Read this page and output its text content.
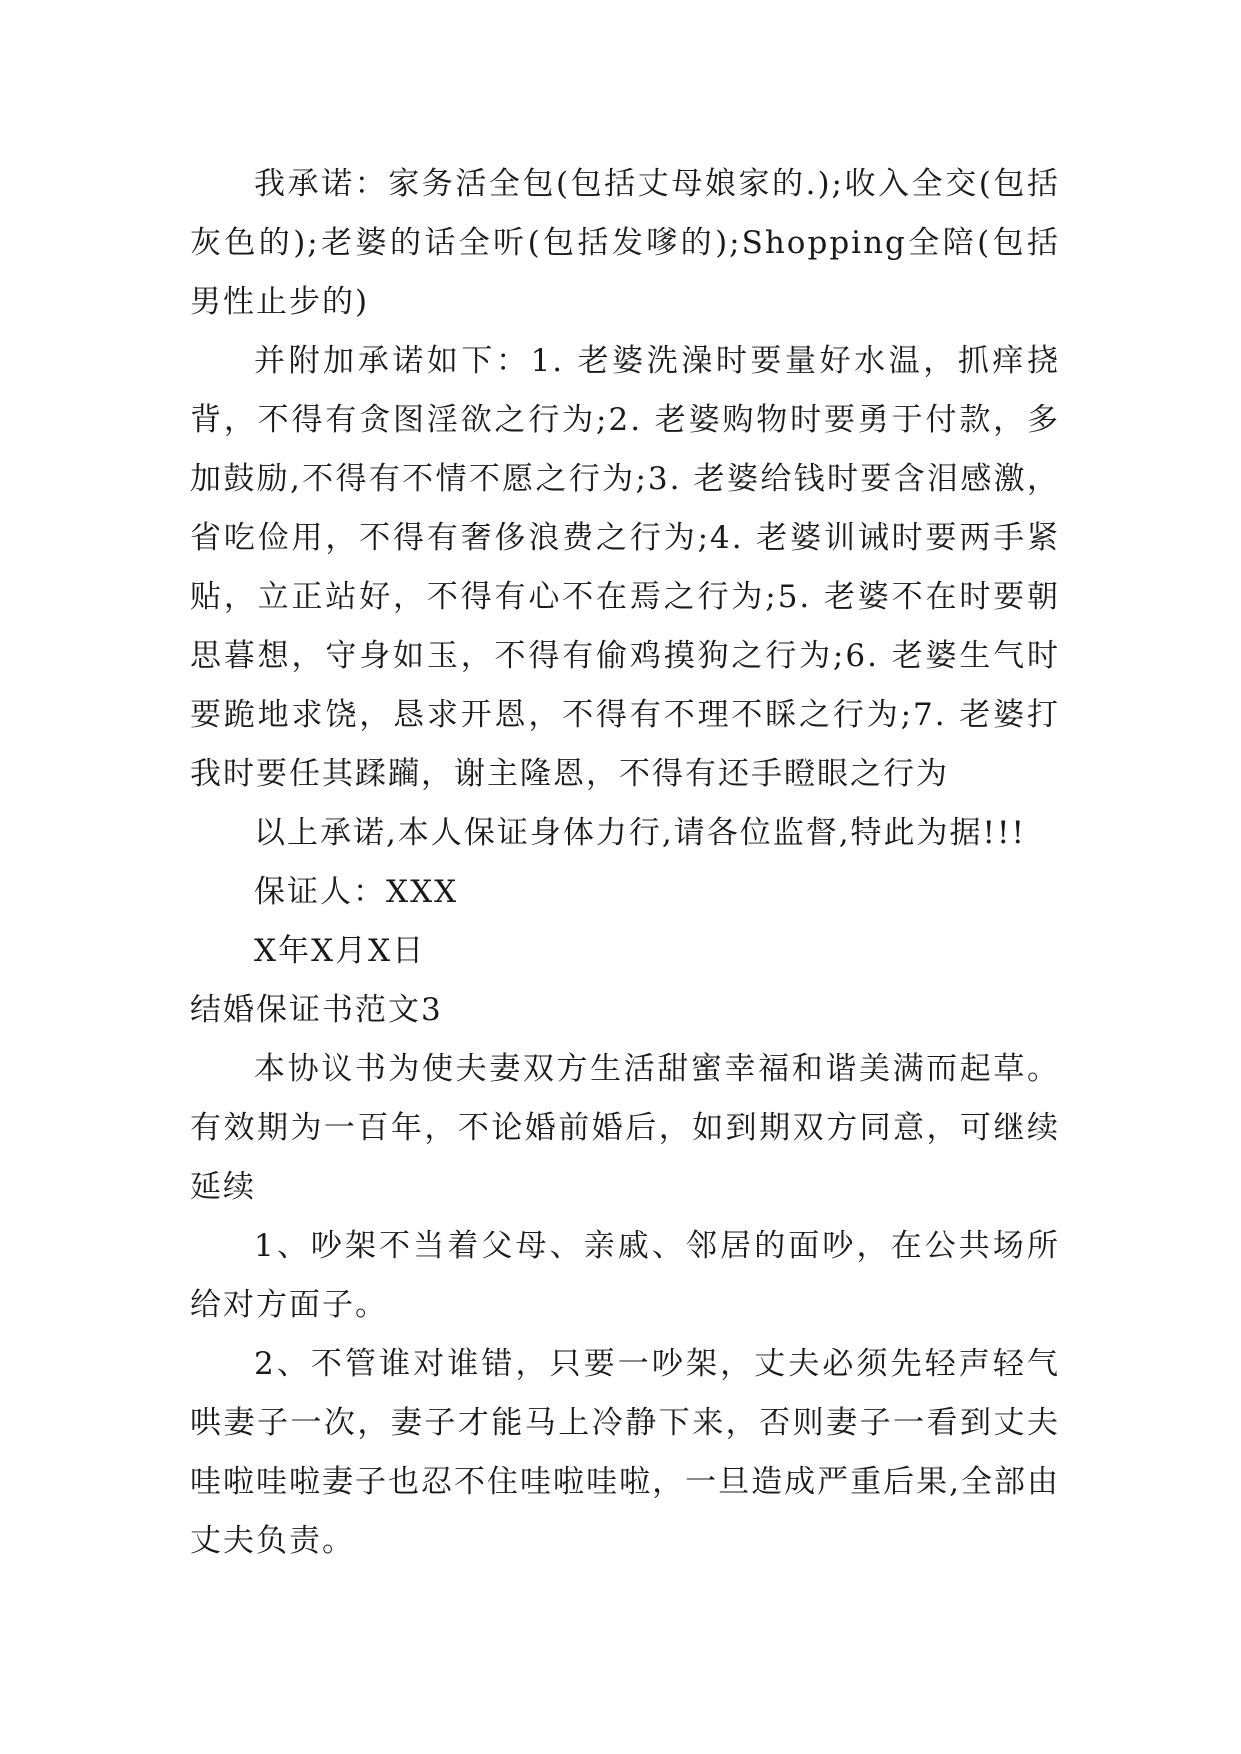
我承诺：家务活全包(包括丈母娘家的.);收入全交(包括灰色的);老婆的话全听(包括发嗲的);Shopping全陪(包括男性止步的)

并附加承诺如下：1. 老婆洗澡时要量好水温，抓痒挠背，不得有贪图淫欲之行为;2. 老婆购物时要勇于付款，多加鼓励,不得有不情不愿之行为;3. 老婆给钱时要含泪感激，省吃俭用，不得有奢侈浪费之行为;4. 老婆训诫时要两手紧贴，立正站好，不得有心不在焉之行为;5. 老婆不在时要朝思暮想，守身如玉，不得有偷鸡摸狗之行为;6. 老婆生气时要跪地求饶，恳求开恩，不得有不理不睬之行为;7. 老婆打我时要任其蹂躏，谢主隆恩，不得有还手瞪眼之行为

以上承诺,本人保证身体力行,请各位监督,特此为据!!!

保证人：XXX

X年X月X日

结婚保证书范文3

本协议书为使夫妻双方生活甜蜜幸福和谐美满而起草。有效期为一百年，不论婚前婚后，如到期双方同意，可继续延续

1、吵架不当着父母、亲戚、邻居的面吵，在公共场所给对方面子。

2、不管谁对谁错，只要一吵架，丈夫必须先轻声轻气哄妻子一次，妻子才能马上冷静下来，否则妻子一看到丈夫哇啦哇啦妻子也忍不住哇啦哇啦，一旦造成严重后果,全部由丈夫负责。
